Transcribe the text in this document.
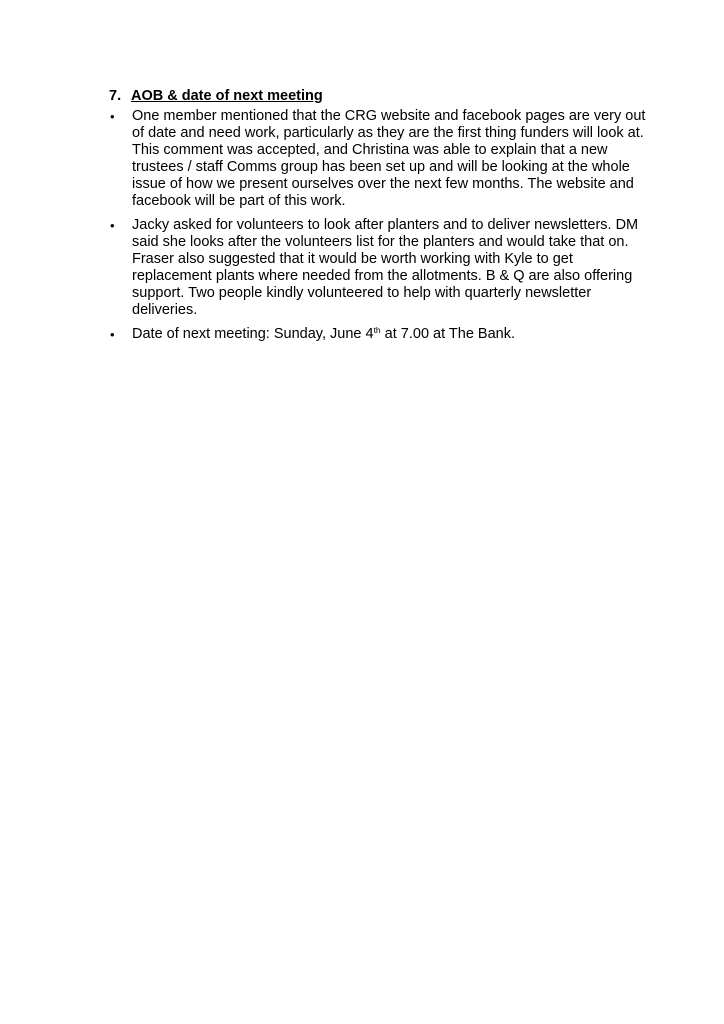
7. AOB & date of next meeting
•	One member mentioned that the CRG website and facebook pages are very out of date and need work, particularly as they are the first thing funders will look at. This comment was accepted, and Christina was able to explain that a new trustees / staff Comms group has been set up and will be looking at the whole issue of how we present ourselves over the next few months. The website and facebook will be part of this work.
•	Jacky asked for volunteers to look after planters and to deliver newsletters. DM said she looks after the volunteers list for the planters and would take that on. Fraser also suggested that it would be worth working with Kyle to get replacement plants where needed from the allotments. B & Q are also offering support. Two people kindly volunteered to help with quarterly newsletter deliveries.
•	Date of next meeting: Sunday, June 4th at 7.00 at The Bank.
